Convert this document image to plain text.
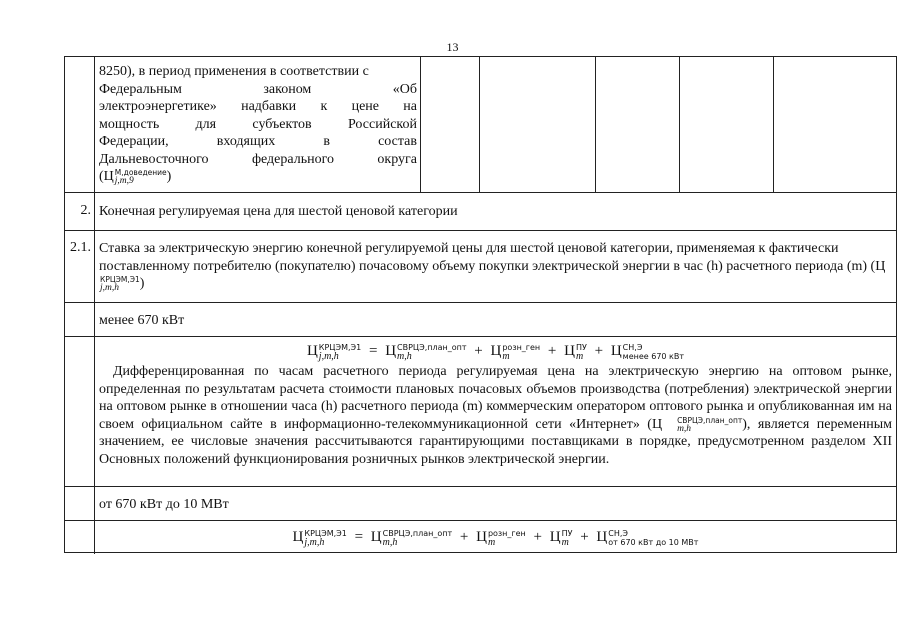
13
8250), в период применения в соответствии с
Федеральным законом «Об
электроэнергетике» надбавки к цене на
мощность для субъектов Российской
Федерации, входящих в состав
Дальневосточного федерального округа
(Ц М,доведение
j,m,9	)
2. Конечная регулируемая цена для шестой ценовой категории
2.1. Ставка за электрическую энергию конечной регулируемой цены для шестой ценовой категории, применяемая к фактически поставленному потребителю (покупателю) почасовому объему покупки электрической энергии в час (h) расчетного периода (m) (Ц
КРЦЭМ,Э1
j,m,h	)
менее 670 кВт
Ц КРЦЭМ,Э1
j,m,h	= Ц СВРЦЭ,план_опт
m,h	+ Ц розн_ген
m	+ Ц ПУ
m + Ц СН,Э
менее 670 кВт
Дифференцированная по часам расчетного периода регулируемая цена на электрическую энергию на оптовом рынке, определенная по результатам расчета стоимости плановых почасовых объемов производства (потребления) электрической энергии на оптовом рынке в отношении часа (h) расчетного периода (m) коммерческим оператором оптового рынка и опубликованная им на своем официальном сайте в информационно-телекоммуникационной сети «Интернет» (Ц	СВРЦЭ,план_опт
m,h	), является переменным значением, ее числовые значения рассчитываются гарантирующими поставщиками в порядке, предусмотренном разделом XII Основных положений функционирования розничных рынков электрической энергии.
от 670 кВт до 10 МВт
Ц КРЦЭМ,Э1
j,m,h	= Ц СВРЦЭ,план_опт
m,h	+ Ц розн_ген
m	+ Ц ПУ
m + Ц СН,Э
от 670 кВт до 10 МВт
